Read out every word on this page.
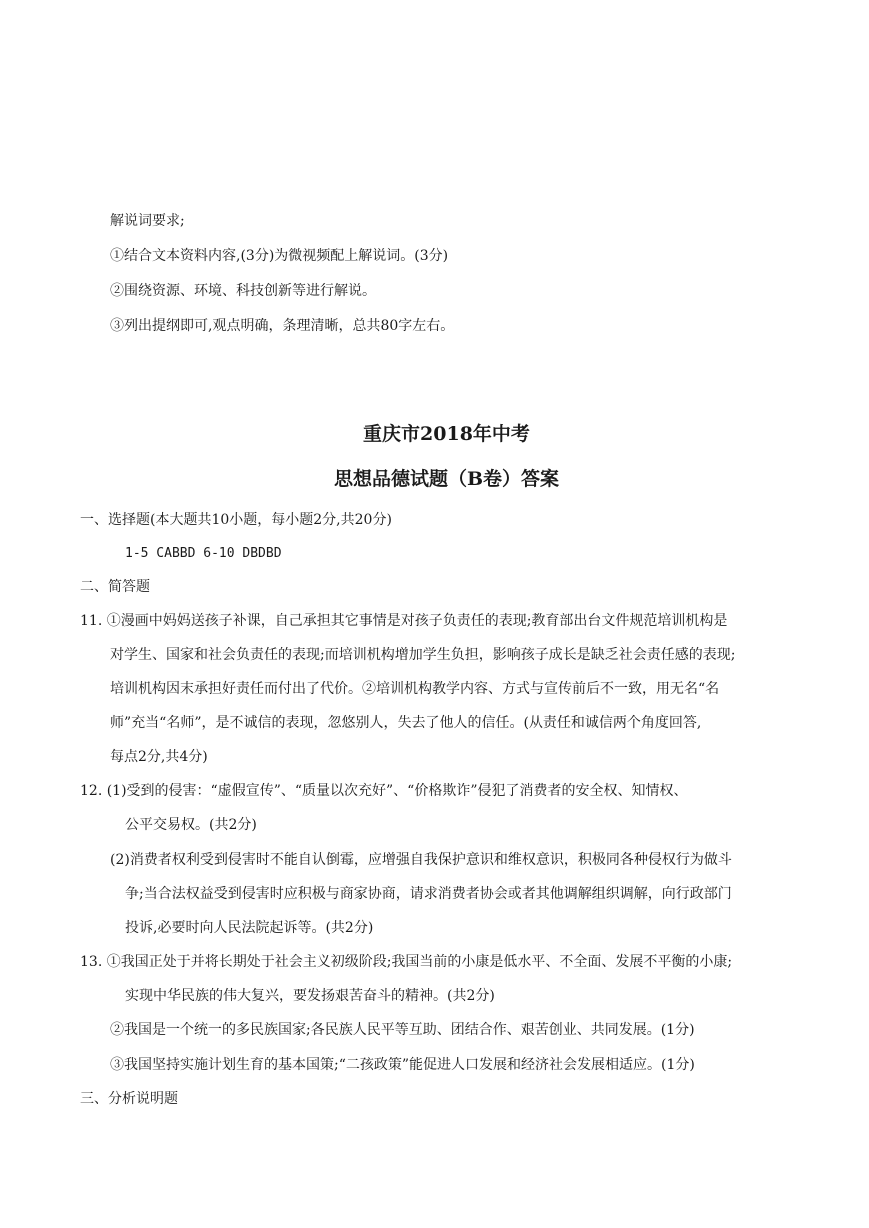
解说词要求;
①结合文本资料内容,(3分)为微视频配上解说词。(3分)
②围绕资源、环境、科技创新等进行解说。
③列出提纲即可,观点明确，条理清晰，总共80字左右。
重庆市2018年中考
思想品德试题（B卷）答案
一、选择题(本大题共10小题，每小题2分,共20分)
1-5 CABBD 6-10 DBDBD
二、简答题
11. ①漫画中妈妈送孩子补课，自己承担其它事情是对孩子负责任的表现;教育部出台文件规范培训机构是
对学生、国家和社会负责任的表现;而培训机构增加学生负担，影响孩子成长是缺乏社会责任感的表现;
培训机构因末承担好责任而付出了代价。②培训机构教学内容、方式与宣传前后不一致，用无名“名
师”充当“名师”，是不诚信的表现，忽悠别人，失去了他人的信任。(从责任和诚信两个角度回答,
每点2分,共4分)
12. (1)受到的侵害：“虚假宣传”、“质量以次充好”、“价格欺诈”侵犯了消费者的安全权、知情权、
公平交易权。(共2分)
(2)消费者权利受到侵害时不能自认倒霉，应增强自我保护意识和维权意识，积极同各种侵权行为做斗
争;当合法权益受到侵害时应积极与商家协商，请求消费者协会或者其他调解组织调解，向行政部门
投诉,必要时向人民法院起诉等。(共2分)
13. ①我国正处于并将长期处于社会主义初级阶段;我国当前的小康是低水平、不全面、发展不平衡的小康;
实现中华民族的伟大复兴，要发扬艰苦奋斗的精神。(共2分)
②我国是一个统一的多民族国家;各民族人民平等互助、团结合作、艰苦创业、共同发展。(1分)
③我国坚持实施计划生育的基本国策;“二孩政策”能促进人口发展和经济社会发展相适应。(1分)
三、分析说明题
